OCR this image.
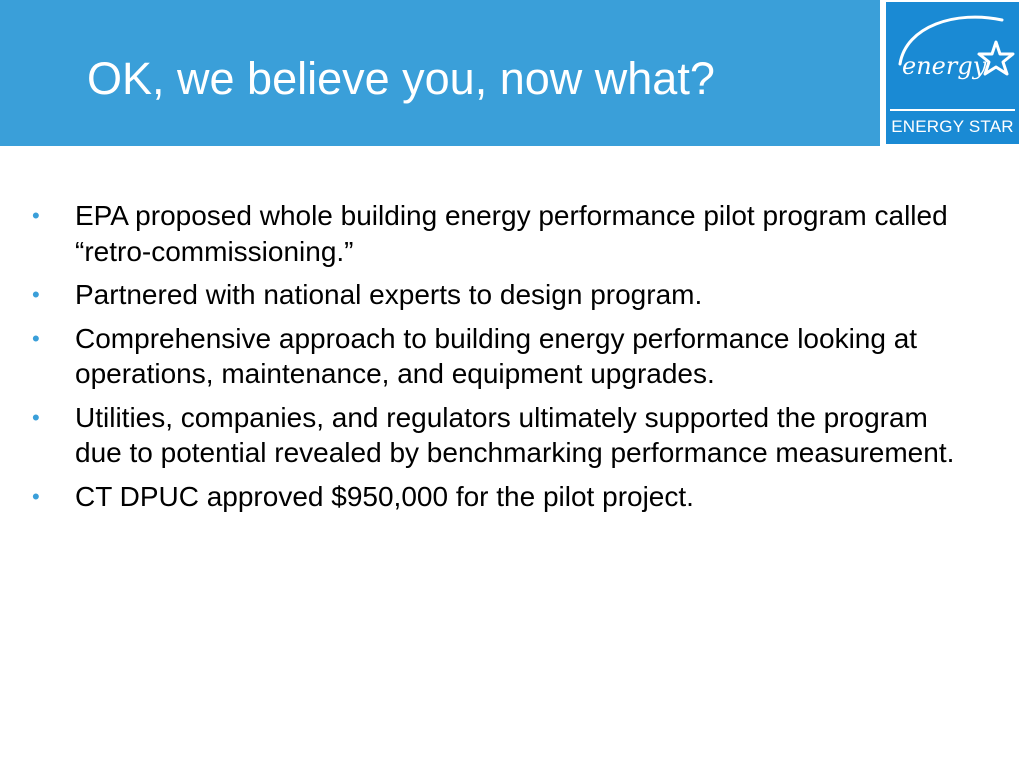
OK, we believe you, now what?	energy
ENERGY STAR
•	EPA proposed whole building energy performance pilot program called “retro-commissioning.”
•	Partnered with national experts to design program.
•	Comprehensive approach to building energy performance looking at operations, maintenance, and equipment upgrades.
•	Utilities, companies, and regulators ultimately supported the program due to potential revealed by benchmarking performance measurement.
•	CT DPUC approved $950,000 for the pilot project.
